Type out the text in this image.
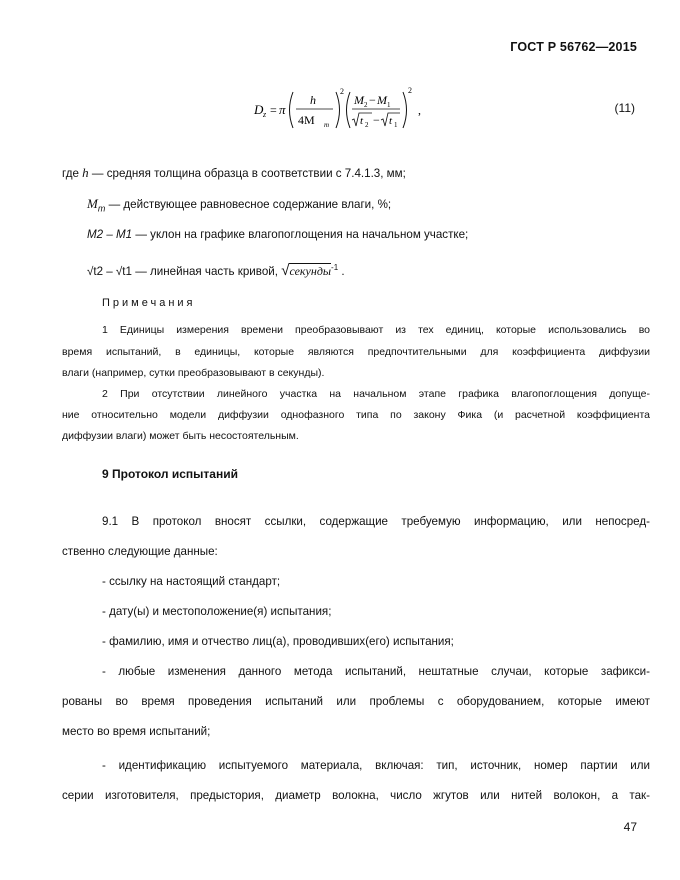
ГОСТ Р 56762—2015
D z = π
h
4M m
2
M 2 − M 1
t 2 − t 1
2
,	(11)
где h — средняя толщина образца в соответствии с 7.4.1.3, мм;
$M_m$ — действующее равновесное содержание влаги, %;
M2 – M1 — уклон на графике влагопоглощения на начальном участке;
√t2 – √t1 — линейная часть кривой, √секунды$^{-1}$ .
Примечания
1 Единицы измерения времени преобразовывают из тех единиц, которые использовались во
время испытаний, в единицы, которые являются предпочтительными для коэффициента диффузии
влаги (например, сутки преобразовывают в секунды).
2 При отсутствии линейного участка на начальном этапе графика влагопоглощения допуще-
ние относительно модели диффузии однофазного типа по закону Фика (и расчетной коэффициента
диффузии влаги) может быть несостоятельным.
9 Протокол испытаний
9.1 В протокол вносят ссылки, содержащие требуемую информацию, или непосред-
ственно следующие данные:
- ссылку на настоящий стандарт;
- дату(ы) и местоположение(я) испытания;
- фамилию, имя и отчество лиц(а), проводивших(его) испытания;
- любые изменения данного метода испытаний, нештатные случаи, которые зафикси-
рованы во время проведения испытаний или проблемы с оборудованием, которые имеют
место во время испытаний;
- идентификацию испытуемого материала, включая: тип, источник, номер партии или
серии изготовителя, предыстория, диаметр волокна, число жгутов или нитей волокон, а так-
47
